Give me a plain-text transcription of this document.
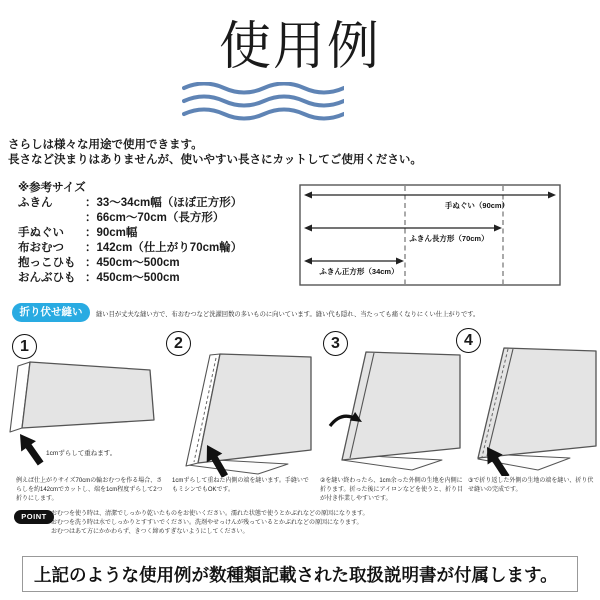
使用例
さらしは様々な用途で使用できます。
長さなど決まりはありませんが、使いやすい長さにカットしてご使用ください。
※参考サイズ
ふきん	：33〜34cm幅（ほぼ正方形）
：66cm〜70cm（長方形）
手ぬぐい ：90cm幅
布おむつ ：142cm（仕上がり70cm輪）
抱っこひも ：450cm〜500cm
おんぶひも ：450cm〜500cm
手ぬぐい（90cm）
ふきん長方形（70cm）
ふきん正方形（34cm）
折り伏せ縫い	縫い目が丈夫な縫い方で、布おむつなど洗濯回数の多いものに向いています。縫い代も隠れ、当たっても痛くなりにくい仕上がりです。
1	2	3	4
1cmずらして重ねます。
例えば仕上がりサイズ70cmの輪おむつを作る場合、さらしを約142cmでカットし、端を1cm程度ずらして2つ折りにします。
1cmずらして重ねた内側の端を縫います。手縫いでもミシンでもOKです。
②を縫い終わったら、1cm余った外側の生地を内側に折ります。折った後にアイロンなどを使うと、折り目が付き作業しやすいです。
③で折り返した外側の生地の端を縫い、折り伏せ縫いの完成です。
POINT おむつを使う時は、清潔でしっかり乾いたものをお使いください。濡れた状態で使うとかぶれなどの原因になります。
おむつを洗う時は水でしっかりとすすいでください。洗剤やせっけんが残っているとかぶれなどの原因になります。
おむつはあて方にかかわらず、きつく締めすぎないようにしてください。
上記のような使用例が数種類記載された取扱説明書が付属します。
